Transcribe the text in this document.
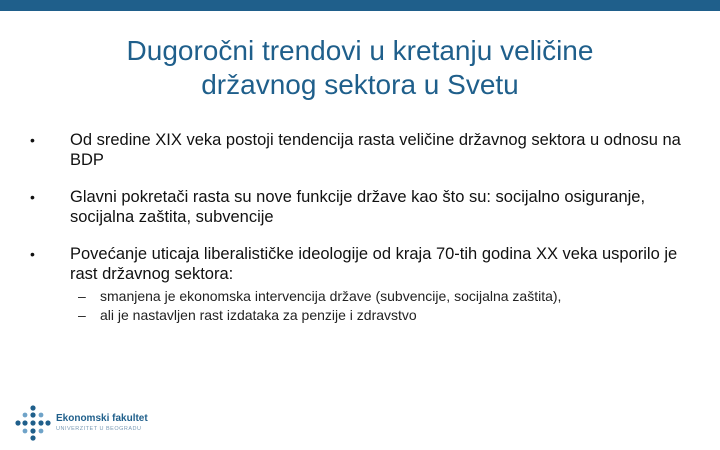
Dugoročni trendovi u kretanju veličine
državnog sektora u Svetu
•	Od sredine XIX veka postoji tendencija rasta veličine državnog sektora u odnosu na BDP
•	Glavni pokretači rasta su nove funkcije države kao što su: socijalno osiguranje, socijalna zaštita, subvencije
•	Povećanje uticaja liberalističke ideologije od kraja 70-tih godina XX veka usporilo je rast državnog sektora:
–	smanjena je ekonomska intervencija države (subvencije, socijalna zaštita),
–	ali je nastavljen rast izdataka za penzije i zdravstvo
Ekonomski fakultet
UNIVERZITET U BEOGRADU
